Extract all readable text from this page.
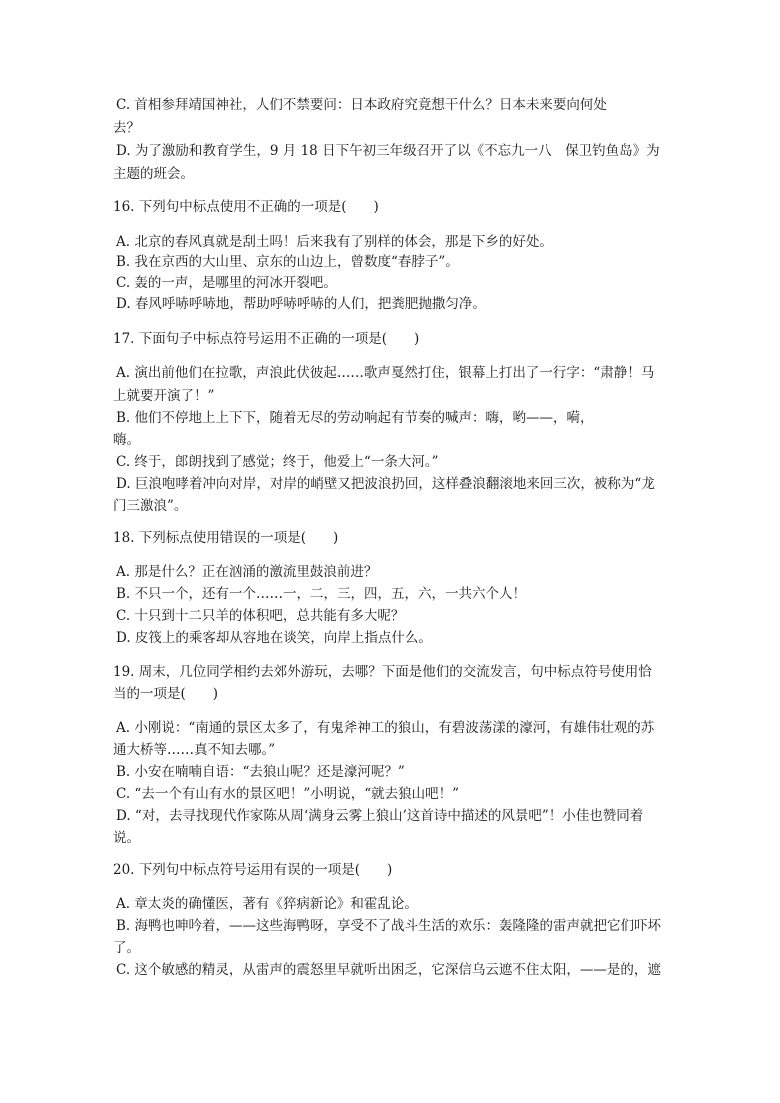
C. 首相参拜靖国神社，人们不禁要问：日本政府究竟想干什么？日本未来要向何处
去？
D. 为了激励和教育学生，9 月 18 日下午初三年级召开了以《不忘九一八　保卫钓鱼岛》为
主题的班会。
16. 下列句中标点使用不正确的一项是(　　)
A. 北京的春风真就是刮土吗！后来我有了别样的体会，那是下乡的好处。
B. 我在京西的大山里、京东的山边上，曾数度“春脖子”。
C. 轰的一声，是哪里的河冰开裂吧。
D. 春风呼哧呼哧地，帮助呼哧呼哧的人们，把粪肥抛撒匀净。
17. 下面句子中标点符号运用不正确的一项是(　　)
A. 演出前他们在拉歌，声浪此伏彼起……歌声戛然打住，银幕上打出了一行字：“肃静！马
上就要开演了！”
B. 他们不停地上上下下，随着无尽的劳动响起有节奏的喊声：嗨，哟——，嗬，
嗨。
C. 终于，郎朗找到了感觉；终于，他爱上“一条大河。”
D. 巨浪咆哮着冲向对岸，对岸的峭壁又把波浪扔回，这样叠浪翻滚地来回三次，被称为“龙
门三激浪”。
18. 下列标点使用错误的一项是(　　)
A. 那是什么？正在汹涌的激流里鼓浪前进？
B. 不只一个，还有一个……一，二，三，四，五，六，一共六个人！
C. 十只到十二只羊的体积吧，总共能有多大呢？
D. 皮筏上的乘客却从容地在谈笑，向岸上指点什么。
19. 周末，几位同学相约去郊外游玩，去哪？下面是他们的交流发言，句中标点符号使用恰
当的一项是(　　)
A. 小刚说：“南通的景区太多了，有鬼斧神工的狼山，有碧波荡漾的濠河，有雄伟壮观的苏
通大桥等……真不知去哪。”
B. 小安在喃喃自语：“去狼山呢？还是濠河呢？”
C. “去一个有山有水的景区吧！”小明说，“就去狼山吧！”
D. “对，去寻找现代作家陈从周‘满身云雾上狼山’这首诗中描述的风景吧”！小佳也赞同着
说。
20. 下列句中标点符号运用有误的一项是(　　)
A. 章太炎的确懂医，著有《猝病新论》和霍乱论。
B. 海鸭也呻吟着，——这些海鸭呀，享受不了战斗生活的欢乐：轰隆隆的雷声就把它们吓坏
了。
C. 这个敏感的精灵，从雷声的震怒里早就听出困乏，它深信乌云遮不住太阳，——是的，遮
